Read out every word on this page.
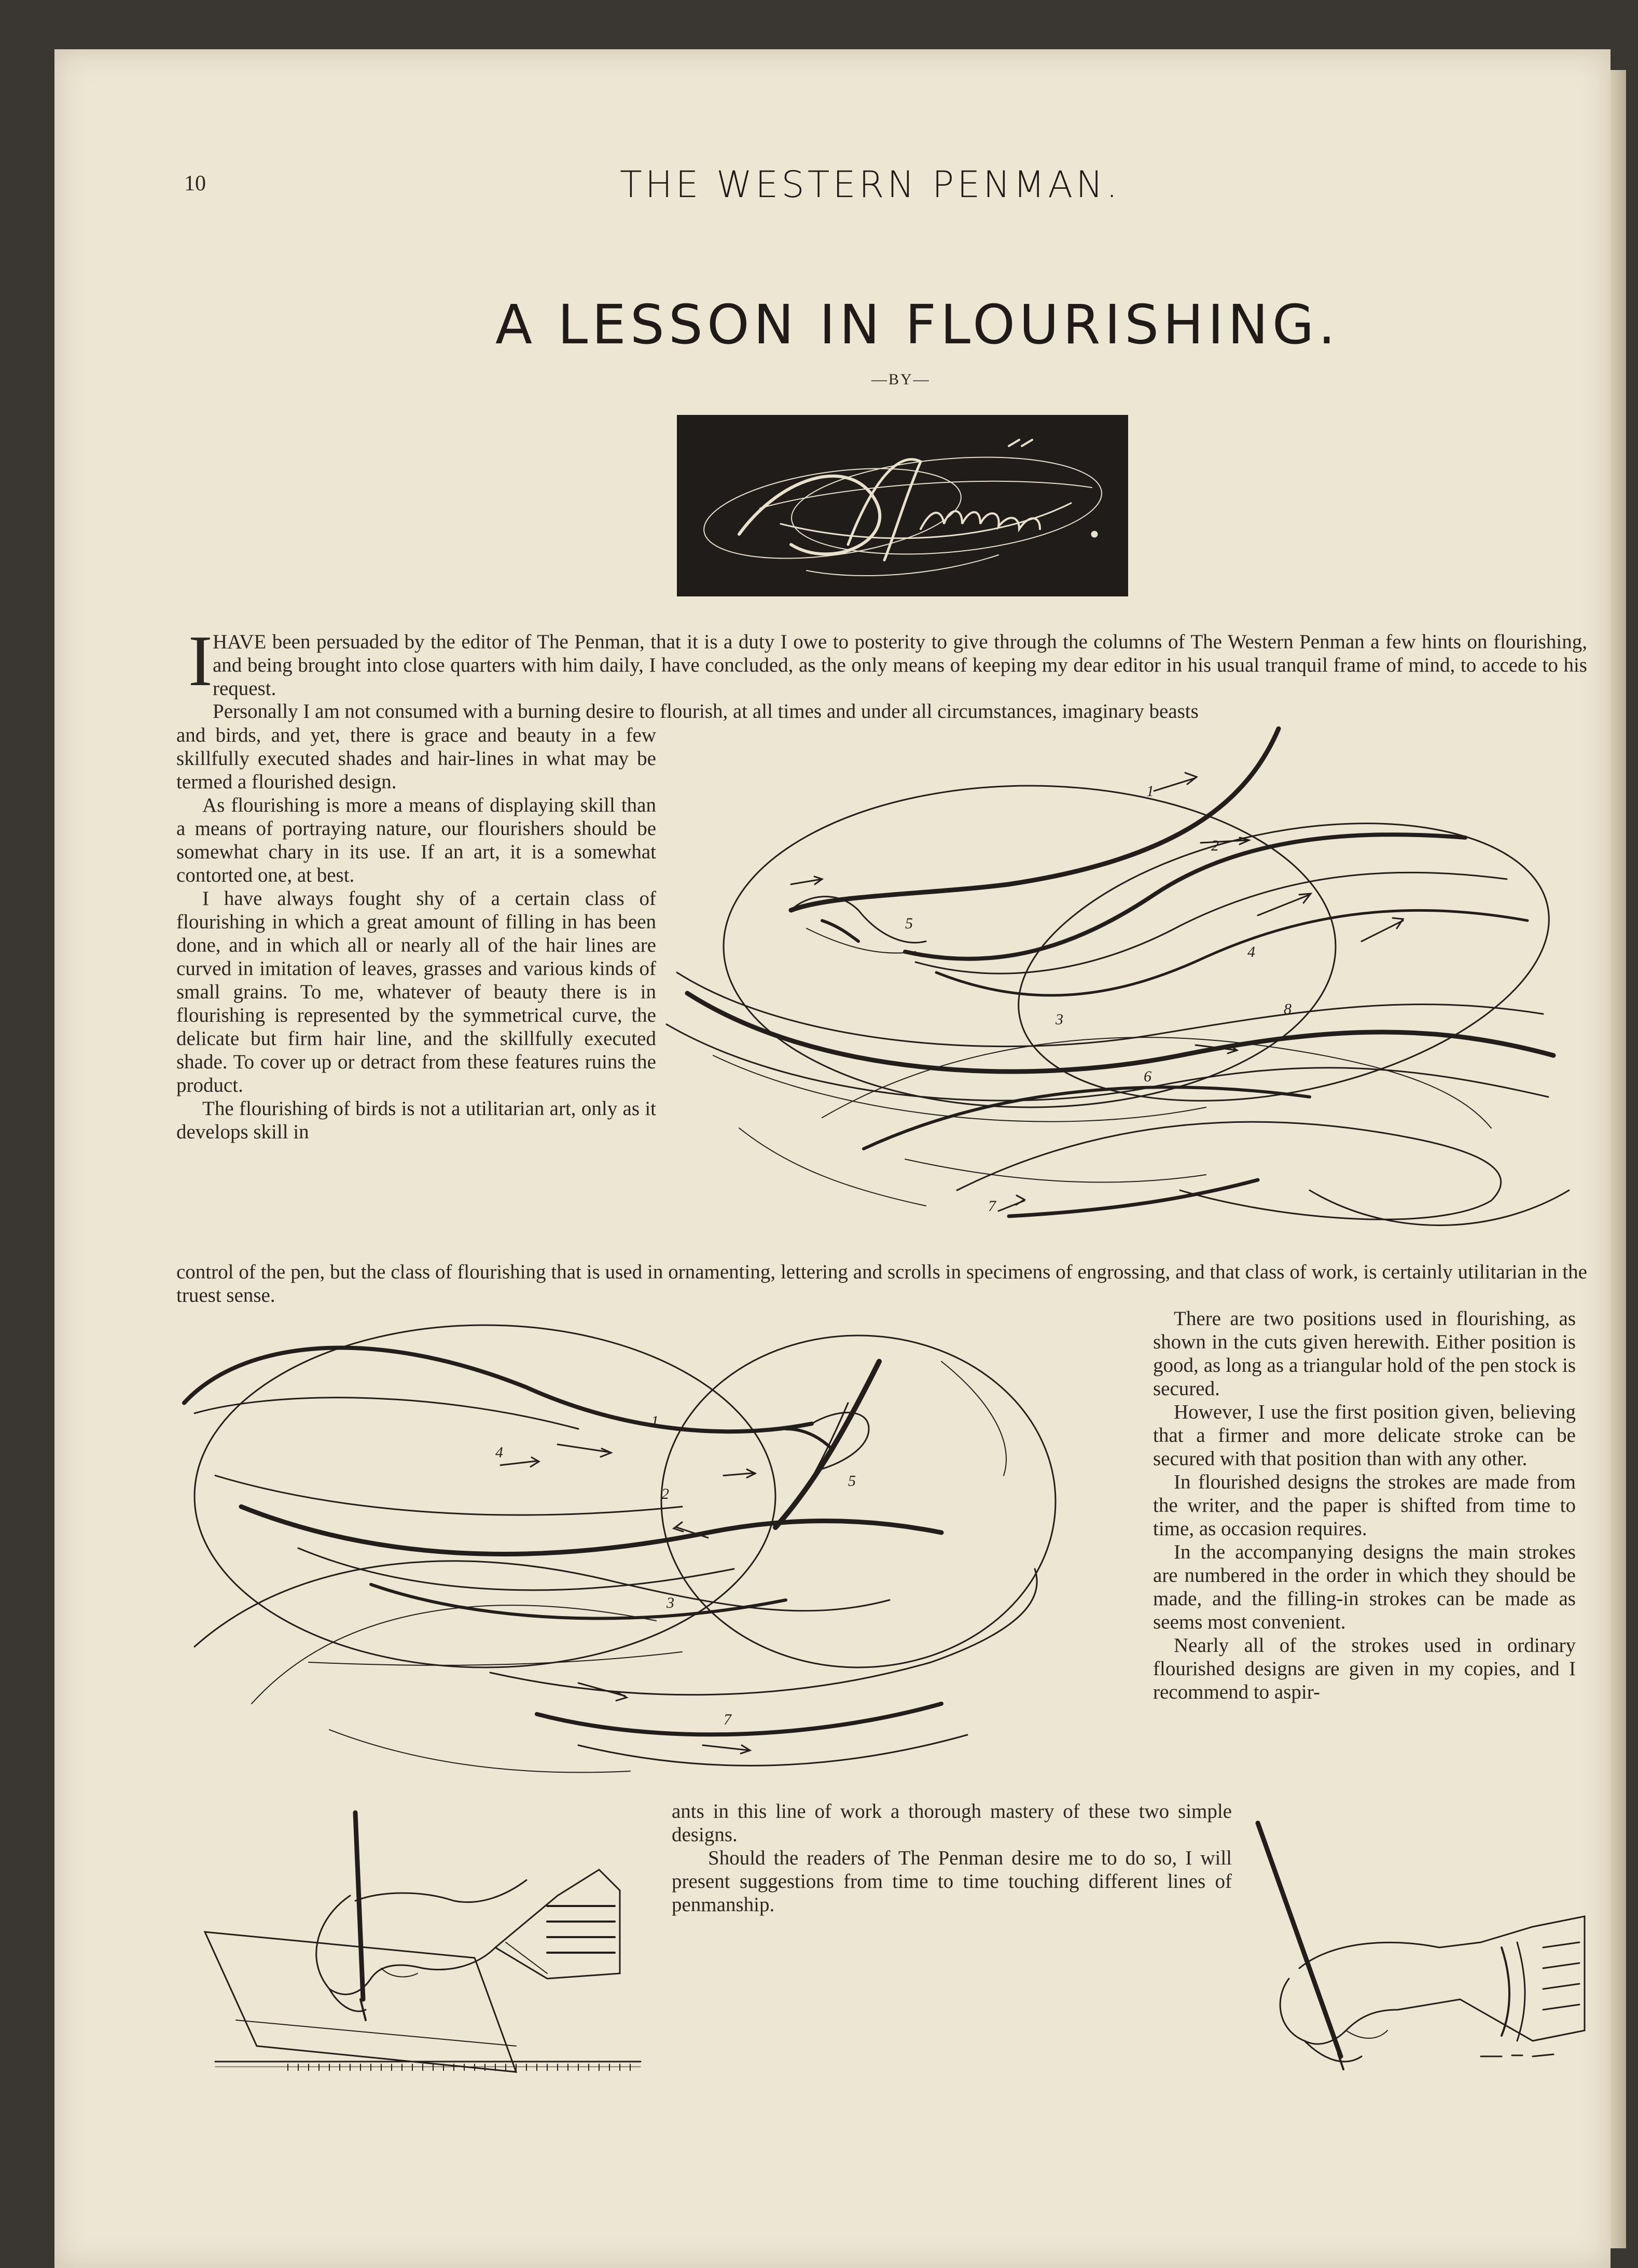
10	THE WESTERN PENMAN.
A LESSON IN FLOURISHING.
—BY—
I HAVE been persuaded by the editor of The Penman, that it is a duty I owe to posterity to give through the columns of The Western Penman a few hints on flourishing, and being brought into close quarters with him daily, I have concluded, as the only means of keeping my dear editor in his usual tranquil frame of mind, to accede to his request.

Personally I am not consumed with a burning desire to flourish, at all times and under all circumstances, imaginary beasts

and birds, and yet, there is grace and beauty in a few skillfully executed shades and hair-lines in what may be termed a flourished design.

As flourishing is more a means of displaying skill than a means of portraying nature, our flourishers should be somewhat chary in its use. If an art, it is a somewhat contorted one, at best.

I have always fought shy of a certain class of flourishing in which a great amount of filling in has been done, and in which all or nearly all of the hair lines are curved in imitation of leaves, grasses and various kinds of small grains. To me, whatever of beauty there is in flourishing is represented by the symmetrical curve, the delicate but firm hair line, and the skillfully executed shade. To cover up or detract from these features ruins the product.

The flourishing of birds is not a utilitarian art, only as it develops skill in

control of the pen, but the class of flourishing that is used in ornamenting, lettering and scrolls in specimens of engrossing, and that class of work, is certainly utilitarian in the truest sense.

1
2
3
4
5
6
7
8
1
2
3
4
5
7

There are two positions used in flourishing, as shown in the cuts given herewith. Either position is good, as long as a triangular hold of the pen stock is secured.

However, I use the first position given, believing that a firmer and more delicate stroke can be secured with that position than with any other.

In flourished designs the strokes are made from the writer, and the paper is shifted from time to time, as occasion requires.

In the accompanying designs the main strokes are numbered in the order in which they should be made, and the filling-in strokes can be made as seems most convenient.

Nearly all of the strokes used in ordinary flourished designs are given in my copies, and I recommend to aspir-

ants in this line of work a thorough mastery of these two simple designs.

Should the readers of The Penman desire me to do so, I will present suggestions from time to time touching different lines of penmanship.
